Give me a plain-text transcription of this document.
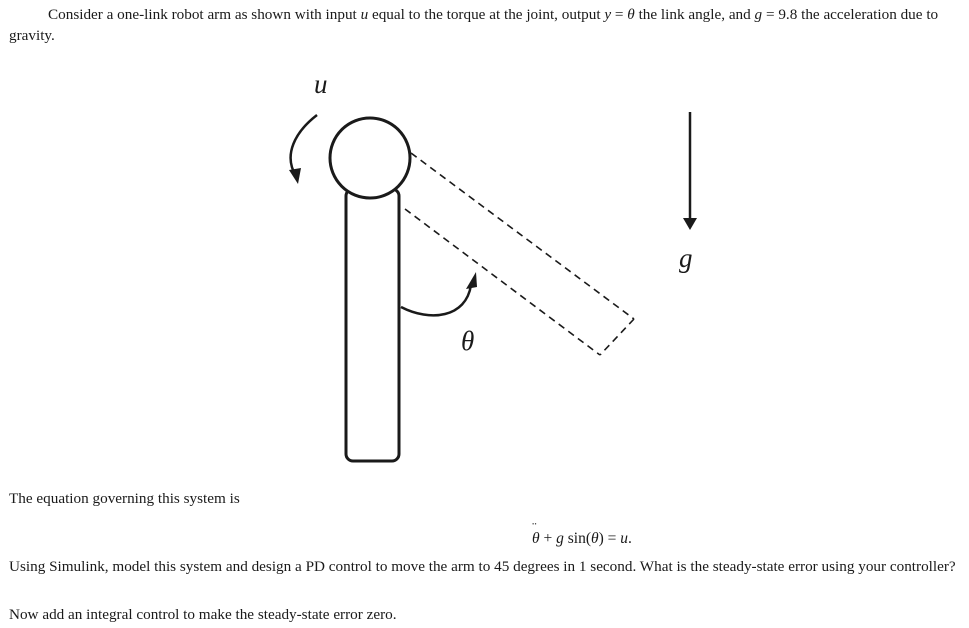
Consider a one-link robot arm as shown with input u equal to the torque at the joint, output y = θ the link angle, and g = 9.8 the acceleration due to gravity.

u
θ
g

The equation governing this system is

¨ θ + g sin(θ) = u.

Using Simulink, model this system and design a PD control to move the arm to 45 degrees in 1 second. What is the steady-state error using your controller?

Now add an integral control to make the steady-state error zero.
